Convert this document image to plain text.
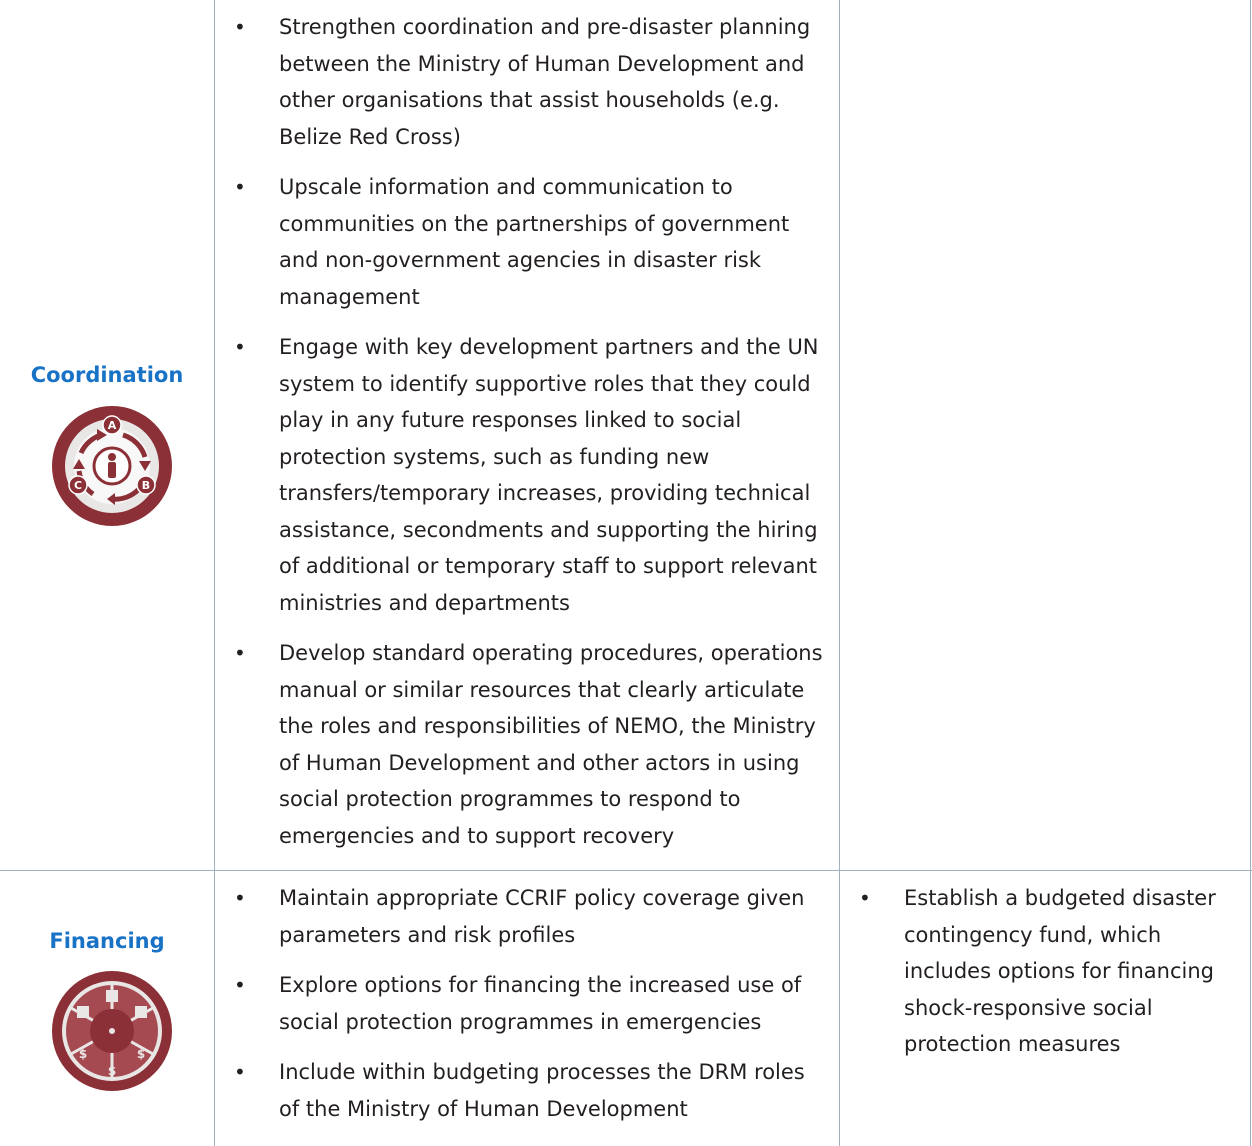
Coordination
A
B
C
• Strengthen coordination and pre-disaster planning between the Ministry of Human Development and other organisations that assist households (e.g. Belize Red Cross)
• Upscale information and communication to communities on the partnerships of government and non-government agencies in disaster risk management
• Engage with key development partners and the UN system to identify supportive roles that they could play in any future responses linked to social protection systems, such as funding new transfers/temporary increases, providing technical assistance, secondments and supporting the hiring of additional or temporary staff to support relevant ministries and departments
• Develop standard operating procedures, operations manual or similar resources that clearly articulate the roles and responsibilities of NEMO, the Ministry of Human Development and other actors in using social protection programmes to respond to emergencies and to support recovery
Financing
$
$
$
• Maintain appropriate CCRIF policy coverage given parameters and risk profiles
• Explore options for financing the increased use of social protection programmes in emergencies
• Include within budgeting processes the DRM roles of the Ministry of Human Development
• Establish a budgeted disaster contingency fund, which includes options for financing shock-responsive social protection measures
